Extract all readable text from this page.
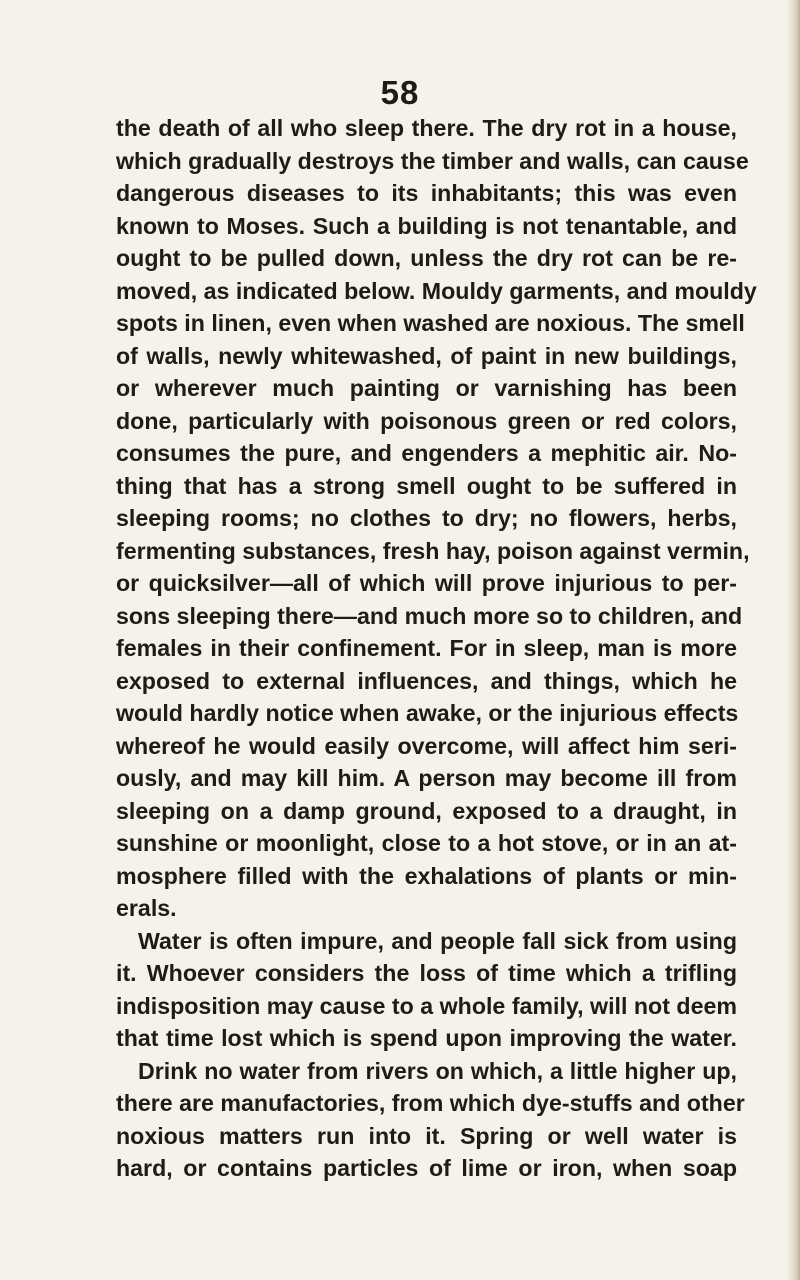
58
the death of all who sleep there. The dry rot in a house,
which gradually destroys the timber and walls, can cause
dangerous diseases to its inhabitants; this was even
known to Moses. Such a building is not tenantable, and
ought to be pulled down, unless the dry rot can be re-
moved, as indicated below. Mouldy garments, and mouldy
spots in linen, even when washed are noxious. The smell
of walls, newly whitewashed, of paint in new buildings,
or wherever much painting or varnishing has been
done, particularly with poisonous green or red colors,
consumes the pure, and engenders a mephitic air. No-
thing that has a strong smell ought to be suffered in
sleeping rooms; no clothes to dry; no flowers, herbs,
fermenting substances, fresh hay, poison against vermin,
or quicksilver—all of which will prove injurious to per-
sons sleeping there—and much more so to children, and
females in their confinement. For in sleep, man is more
exposed to external influences, and things, which he
would hardly notice when awake, or the injurious effects
whereof he would easily overcome, will affect him seri-
ously, and may kill him. A person may become ill from
sleeping on a damp ground, exposed to a draught, in
sunshine or moonlight, close to a hot stove, or in an at-
mosphere filled with the exhalations of plants or min-
erals.
Water is often impure, and people fall sick from using
it. Whoever considers the loss of time which a trifling
indisposition may cause to a whole family, will not deem
that time lost which is spend upon improving the water.
Drink no water from rivers on which, a little higher up,
there are manufactories, from which dye-stuffs and other
noxious matters run into it. Spring or well water is
hard, or contains particles of lime or iron, when soap
